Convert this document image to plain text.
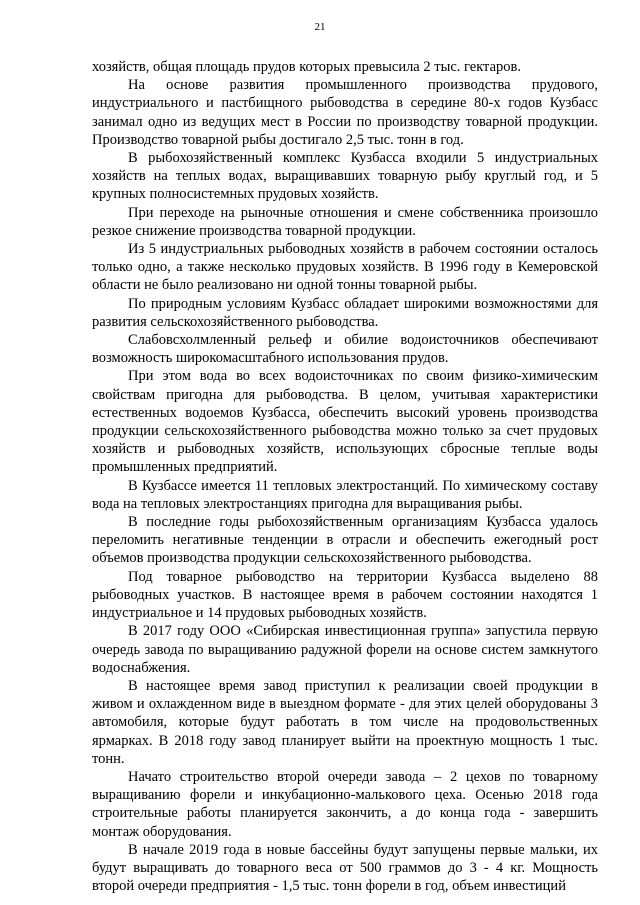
21

хозяйств, общая площадь прудов которых превысила 2 тыс. гектаров.

На основе развития промышленного производства прудового, индустриального и пастбищного рыбоводства в середине 80-х годов Кузбасс занимал одно из ведущих мест в России по производству товарной продукции. Производство товарной рыбы достигало 2,5 тыс. тонн в год.

В рыбохозяйственный комплекс Кузбасса входили 5 индустриальных хозяйств на теплых водах, выращивавших товарную рыбу круглый год, и 5 крупных полносистемных прудовых хозяйств.

При переходе на рыночные отношения и смене собственника произошло резкое снижение производства товарной продукции.

Из 5 индустриальных рыбоводных хозяйств в рабочем состоянии осталось только одно, а также несколько прудовых хозяйств. В 1996 году в Кемеровской области не было реализовано ни одной тонны товарной рыбы.

По природным условиям Кузбасс обладает широкими возможностями для развития сельскохозяйственного рыбоводства.

Слабовсхолмленный рельеф и обилие водоисточников обеспечивают возможность широкомасштабного использования прудов.

При этом вода во всех водоисточниках по своим физико-химическим свойствам пригодна для рыбоводства. В целом, учитывая характеристики естественных водоемов Кузбасса, обеспечить высокий уровень производства продукции сельскохозяйственного рыбоводства можно только за счет прудовых хозяйств и рыбоводных хозяйств, использующих сбросные теплые воды промышленных предприятий.

В Кузбассе имеется 11 тепловых электростанций. По химическому составу вода на тепловых электростанциях пригодна для выращивания рыбы.

В последние годы рыбохозяйственным организациям Кузбасса удалось переломить негативные тенденции в отрасли и обеспечить ежегодный рост объемов производства продукции сельскохозяйственного рыбоводства.

Под товарное рыбоводство на территории Кузбасса выделено 88 рыбоводных участков. В настоящее время в рабочем состоянии находятся 1 индустриальное и 14 прудовых рыбоводных хозяйств.

В 2017 году ООО «Сибирская инвестиционная группа» запустила первую очередь завода по выращиванию радужной форели на основе систем замкнутого водоснабжения.

В настоящее время завод приступил к реализации своей продукции в живом и охлажденном виде в выездном формате - для этих целей оборудованы 3 автомобиля, которые будут работать в том числе на продовольственных ярмарках. В 2018 году завод планирует выйти на проектную мощность 1 тыс. тонн.

Начато строительство второй очереди завода – 2 цехов по товарному выращиванию форели и инкубационно-малькового цеха. Осенью 2018 года строительные работы планируется закончить, а до конца года - завершить монтаж оборудования.

В начале 2019 года в новые бассейны будут запущены первые мальки, их будут выращивать до товарного веса от 500 граммов до 3 - 4 кг. Мощность второй очереди предприятия - 1,5 тыс. тонн форели в год, объем инвестиций
